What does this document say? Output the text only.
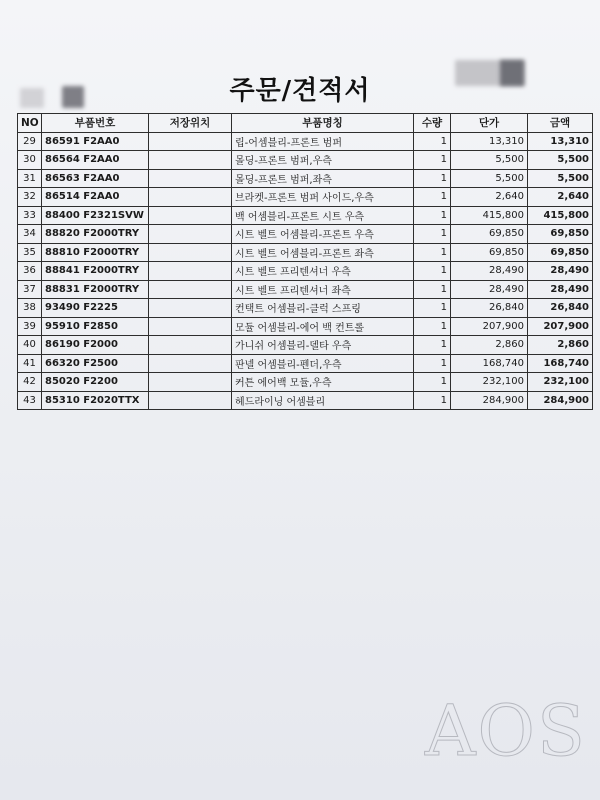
주문/견적서
NO	부품번호	저장위치	부품명칭	수량	단가	금액
29	86591 F2AA0		립-어셈블리-프론트 범퍼	1	13,310	13,310
30	86564 F2AA0		몰딩-프론트 범퍼,우측	1	5,500	5,500
31	86563 F2AA0		몰딩-프론트 범퍼,좌측	1	5,500	5,500
32	86514 F2AA0		브라켓-프론트 범퍼 사이드,우측	1	2,640	2,640
33	88400 F2321SVW		백 어셈블리-프론트 시트 우측	1	415,800	415,800
34	88820 F2000TRY		시트 벨트 어셈블리-프론트 우측	1	69,850	69,850
35	88810 F2000TRY		시트 벨트 어셈블리-프론트 좌측	1	69,850	69,850
36	88841 F2000TRY		시트 벨트 프리텐셔너 우측	1	28,490	28,490
37	88831 F2000TRY		시트 벨트 프리텐셔너 좌측	1	28,490	28,490
38	93490 F2225		컨택트 어셈블리-클럭 스프링	1	26,840	26,840
39	95910 F2850		모듈 어셈블리-에어 백 컨트롤	1	207,900	207,900
40	86190 F2000		가니쉬 어셈블리-델타 우측	1	2,860	2,860
41	66320 F2500		판넬 어셈블리-펜더,우측	1	168,740	168,740
42	85020 F2200		커튼 에어백 모듈,우측	1	232,100	232,100
43	85310 F2020TTX		헤드라이닝 어셈블리	1	284,900	284,900
AOS
